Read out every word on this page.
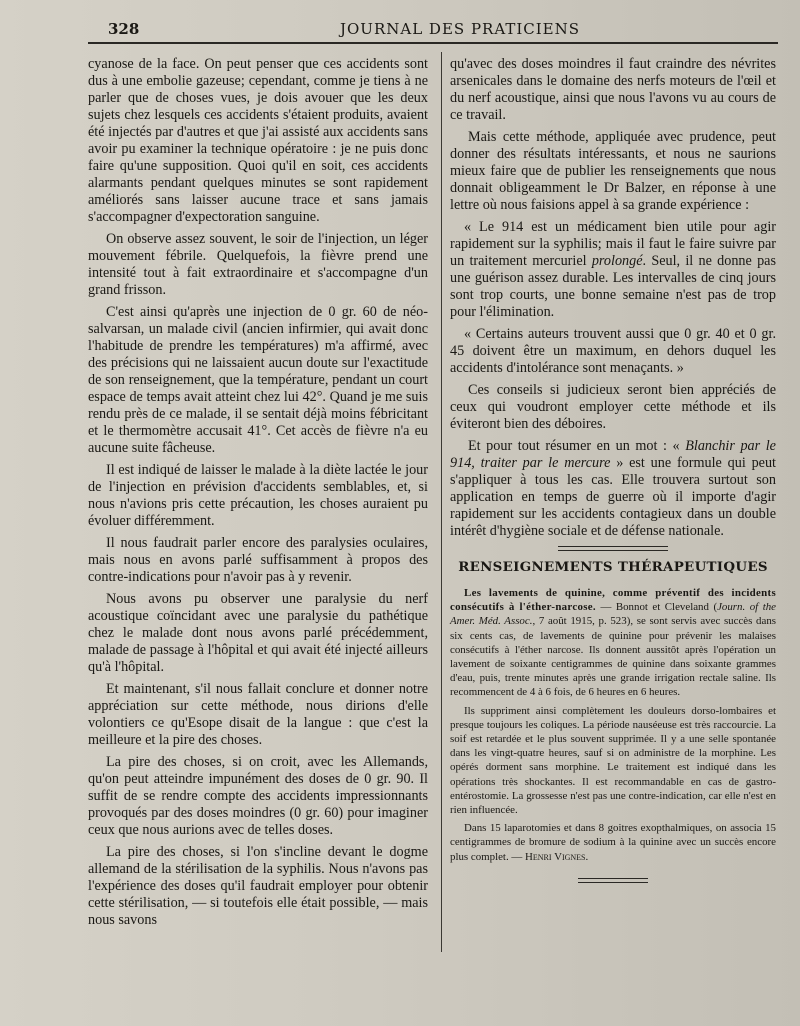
328	JOURNAL DES PRATICIENS

cyanose de la face. On peut penser que ces accidents sont dus à une embolie gazeuse; cependant, comme je tiens à ne parler que de choses vues, je dois avouer que les deux sujets chez lesquels ces accidents s'étaient produits, avaient été injectés par d'autres et que j'ai assisté aux accidents sans avoir pu examiner la technique opératoire : je ne puis donc faire qu'une supposition. Quoi qu'il en soit, ces accidents alarmants pendant quelques minutes se sont rapidement améliorés sans laisser aucune trace et sans jamais s'accompagner d'expectoration sanguine.

On observe assez souvent, le soir de l'injection, un léger mouvement fébrile. Quelquefois, la fièvre prend une intensité tout à fait extraordinaire et s'accompagne d'un grand frisson.

C'est ainsi qu'après une injection de 0 gr. 60 de néo-salvarsan, un malade civil (ancien infirmier, qui avait donc l'habitude de prendre les températures) m'a affirmé, avec des précisions qui ne laissaient aucun doute sur l'exactitude de son renseignement, que la température, pendant un court espace de temps avait atteint chez lui 42°. Quand je me suis rendu près de ce malade, il se sentait déjà moins fébricitant et le thermomètre accusait 41°. Cet accès de fièvre n'a eu aucune suite fâcheuse.

Il est indiqué de laisser le malade à la diète lactée le jour de l'injection en prévision d'accidents semblables, et, si nous n'avions pris cette précaution, les choses auraient pu évoluer différemment.

Il nous faudrait parler encore des paralysies oculaires, mais nous en avons parlé suffisamment à propos des contre-indications pour n'avoir pas à y revenir.

Nous avons pu observer une paralysie du nerf acoustique coïncidant avec une paralysie du pathétique chez le malade dont nous avons parlé précédemment, malade de passage à l'hôpital et qui avait été injecté ailleurs qu'à l'hôpital.

Et maintenant, s'il nous fallait conclure et donner notre appréciation sur cette méthode, nous dirions d'elle volontiers ce qu'Esope disait de la langue : que c'est la meilleure et la pire des choses.

La pire des choses, si on croit, avec les Allemands, qu'on peut atteindre impunément des doses de 0 gr. 90. Il suffit de se rendre compte des accidents impressionnants provoqués par des doses moindres (0 gr. 60) pour imaginer ceux que nous aurions avec de telles doses.

La pire des choses, si l'on s'incline devant le dogme allemand de la stérilisation de la syphilis. Nous n'avons pas l'expérience des doses qu'il faudrait employer pour obtenir cette stérilisation, — si toutefois elle était possible, — mais nous savons

qu'avec des doses moindres il faut craindre des névrites arsenicales dans le domaine des nerfs moteurs de l'œil et du nerf acoustique, ainsi que nous l'avons vu au cours de ce travail.

Mais cette méthode, appliquée avec prudence, peut donner des résultats intéressants, et nous ne saurions mieux faire que de publier les renseignements que nous donnait obligeamment le Dr Balzer, en réponse à une lettre où nous faisions appel à sa grande expérience :

« Le 914 est un médicament bien utile pour agir rapidement sur la syphilis; mais il faut le faire suivre par un traitement mercuriel prolongé. Seul, il ne donne pas une guérison assez durable. Les intervalles de cinq jours sont trop courts, une bonne semaine n'est pas de trop pour l'élimination.

« Certains auteurs trouvent aussi que 0 gr. 40 et 0 gr. 45 doivent être un maximum, en dehors duquel les accidents d'intolérance sont menaçants. »

Ces conseils si judicieux seront bien appréciés de ceux qui voudront employer cette méthode et ils éviteront bien des déboires.

Et pour tout résumer en un mot : « Blanchir par le 914, traiter par le mercure » est une formule qui peut s'appliquer à tous les cas. Elle trouvera surtout son application en temps de guerre où il importe d'agir rapidement sur les accidents contagieux dans un double intérêt d'hygiène sociale et de défense nationale.

RENSEIGNEMENTS THÉRAPEUTIQUES

Les lavements de quinine, comme préventif des incidents consécutifs à l'éther-narcose. — Bonnot et Cleveland (Journ. of the Amer. Méd. Assoc., 7 août 1915, p. 523), se sont servis avec succès dans six cents cas, de lavements de quinine pour prévenir les malaises consécutifs à l'éther narcose. Ils donnent aussitôt après l'opération un lavement de soixante centigrammes de quinine dans soixante grammes d'eau, puis, trente minutes après une grande irrigation rectale saline. Ils recommencent de 4 à 6 fois, de 6 heures en 6 heures.

Ils suppriment ainsi complètement les douleurs dorso-lombaires et presque toujours les coliques. La période nauséeuse est très raccourcie. La soif est retardée et le plus souvent supprimée. Il y a une selle spontanée dans les vingt-quatre heures, sauf si on administre de la morphine. Les opérés dorment sans morphine. Le traitement est indiqué dans les opérations très shockantes. Il est recommandable en cas de gastro-entérostomie. La grossesse n'est pas une contre-indication, car elle n'est en rien influencée.

Dans 15 laparotomies et dans 8 goitres exopthalmiques, on associa 15 centigrammes de bromure de sodium à la quinine avec un succès encore plus complet. — Henri Vignes.
